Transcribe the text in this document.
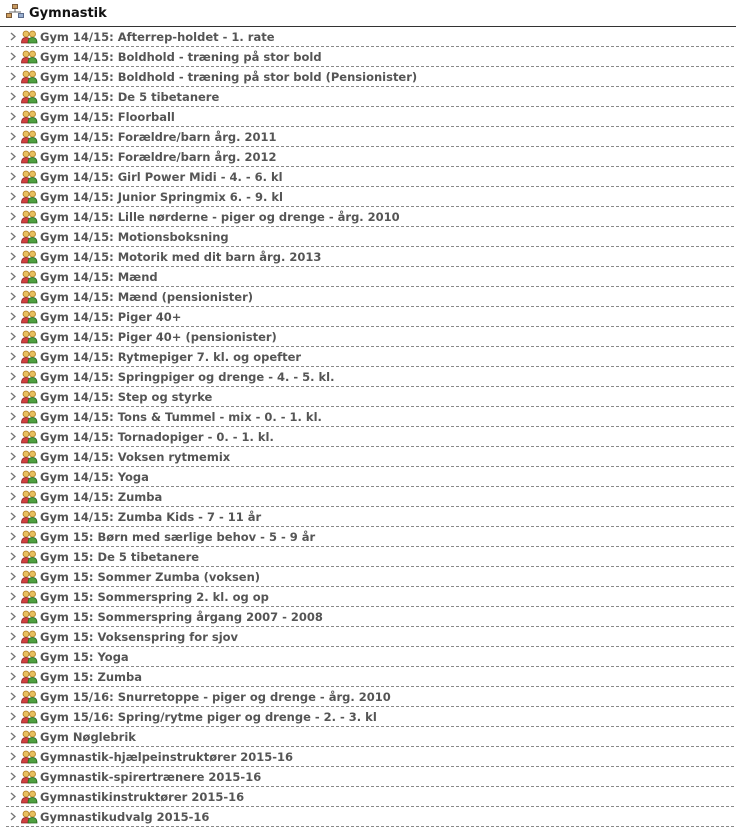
Gymnastik
Gym 14/15: Afterrep-holdet - 1. rate
Gym 14/15: Boldhold - træning på stor bold
Gym 14/15: Boldhold - træning på stor bold (Pensionister)
Gym 14/15: De 5 tibetanere
Gym 14/15: Floorball
Gym 14/15: Forældre/barn årg. 2011
Gym 14/15: Forældre/barn årg. 2012
Gym 14/15: Girl Power Midi - 4. - 6. kl
Gym 14/15: Junior Springmix 6. - 9. kl
Gym 14/15: Lille nørderne - piger og drenge - årg. 2010
Gym 14/15: Motionsboksning
Gym 14/15: Motorik med dit barn årg. 2013
Gym 14/15: Mænd
Gym 14/15: Mænd (pensionister)
Gym 14/15: Piger 40+
Gym 14/15: Piger 40+ (pensionister)
Gym 14/15: Rytmepiger 7. kl. og opefter
Gym 14/15: Springpiger og drenge - 4. - 5. kl.
Gym 14/15: Step og styrke
Gym 14/15: Tons & Tummel - mix - 0. - 1. kl.
Gym 14/15: Tornadopiger - 0. - 1. kl.
Gym 14/15: Voksen rytmemix
Gym 14/15: Yoga
Gym 14/15: Zumba
Gym 14/15: Zumba Kids - 7 - 11 år
Gym 15: Børn med særlige behov - 5 - 9 år
Gym 15: De 5 tibetanere
Gym 15: Sommer Zumba (voksen)
Gym 15: Sommerspring 2. kl. og op
Gym 15: Sommerspring årgang 2007 - 2008
Gym 15: Voksenspring for sjov
Gym 15: Yoga
Gym 15: Zumba
Gym 15/16: Snurretoppe - piger og drenge - årg. 2010
Gym 15/16: Spring/rytme piger og drenge - 2. - 3. kl
Gym Nøglebrik
Gymnastik-hjælpeinstruktører 2015-16
Gymnastik-spirertrænere 2015-16
Gymnastikinstruktører 2015-16
Gymnastikudvalg 2015-16
